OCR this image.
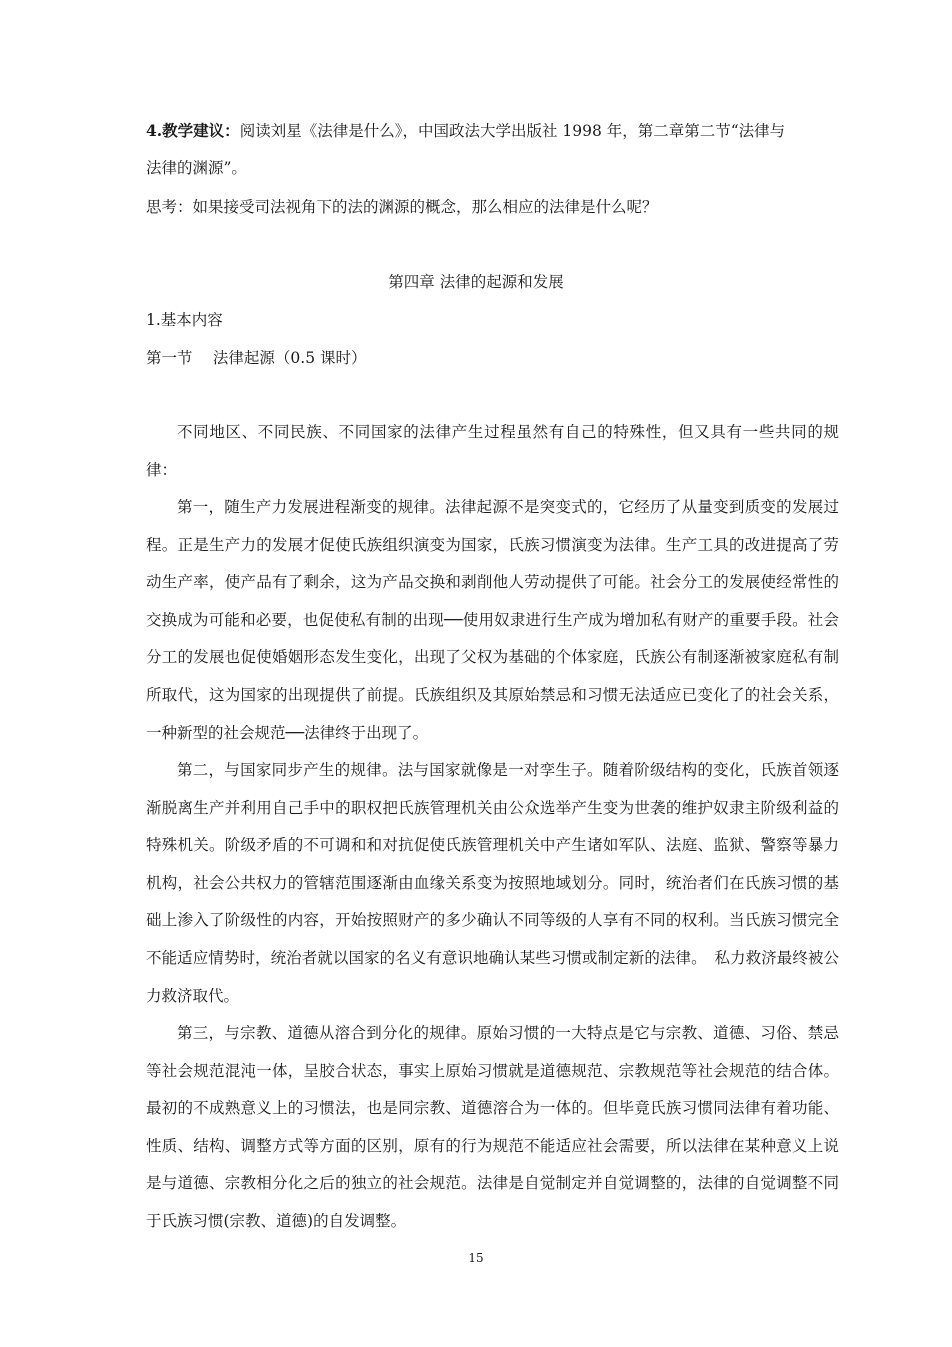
4.教学建议：阅读刘星《法律是什么》，中国政法大学出版社 1998 年，第二章第二节“法律与
法律的渊源”。
思考：如果接受司法视角下的法的渊源的概念，那么相应的法律是什么呢？
第四章 法律的起源和发展
1.基本内容
第一节　 法律起源（0.5 课时）

不同地区、不同民族、不同国家的法律产生过程虽然有自己的特殊性，但又具有一些共同的规律：

第一，随生产力发展进程渐变的规律。法律起源不是突变式的，它经历了从量变到质变的发展过程。正是生产力的发展才促使氏族组织演变为国家，氏族习惯演变为法律。生产工具的改进提高了劳动生产率，使产品有了剩余，这为产品交换和剥削他人劳动提供了可能。社会分工的发展使经常性的交换成为可能和必要，也促使私有制的出现──使用奴隶进行生产成为增加私有财产的重要手段。社会分工的发展也促使婚姻形态发生变化，出现了父权为基础的个体家庭，氏族公有制逐渐被家庭私有制所取代，这为国家的出现提供了前提。氏族组织及其原始禁忌和习惯无法适应已变化了的社会关系，一种新型的社会规范──法律终于出现了。

第二，与国家同步产生的规律。法与国家就像是一对孪生子。随着阶级结构的变化，氏族首领逐渐脱离生产并利用自己手中的职权把氏族管理机关由公众选举产生变为世袭的维护奴隶主阶级利益的特殊机关。阶级矛盾的不可调和和对抗促使氏族管理机关中产生诸如军队、法庭、监狱、警察等暴力机构，社会公共权力的管辖范围逐渐由血缘关系变为按照地域划分。同时，统治者们在氏族习惯的基础上渗入了阶级性的内容，开始按照财产的多少确认不同等级的人享有不同的权利。当氏族习惯完全不能适应情势时，统治者就以国家的名义有意识地确认某些习惯或制定新的法律。　私力救济最终被公力救济取代。

第三，与宗教、道德从溶合到分化的规律。原始习惯的一大特点是它与宗教、道德、习俗、禁忌等社会规范混沌一体，呈胶合状态，事实上原始习惯就是道德规范、宗教规范等社会规范的结合体。最初的不成熟意义上的习惯法，也是同宗教、道德溶合为一体的。但毕竟氏族习惯同法律有着功能、性质、结构、调整方式等方面的区别，原有的行为规范不能适应社会需要，所以法律在某种意义上说是与道德、宗教相分化之后的独立的社会规范。法律是自觉制定并自觉调整的，法律的自觉调整不同于氏族习惯(宗教、道德)的自发调整。

15
